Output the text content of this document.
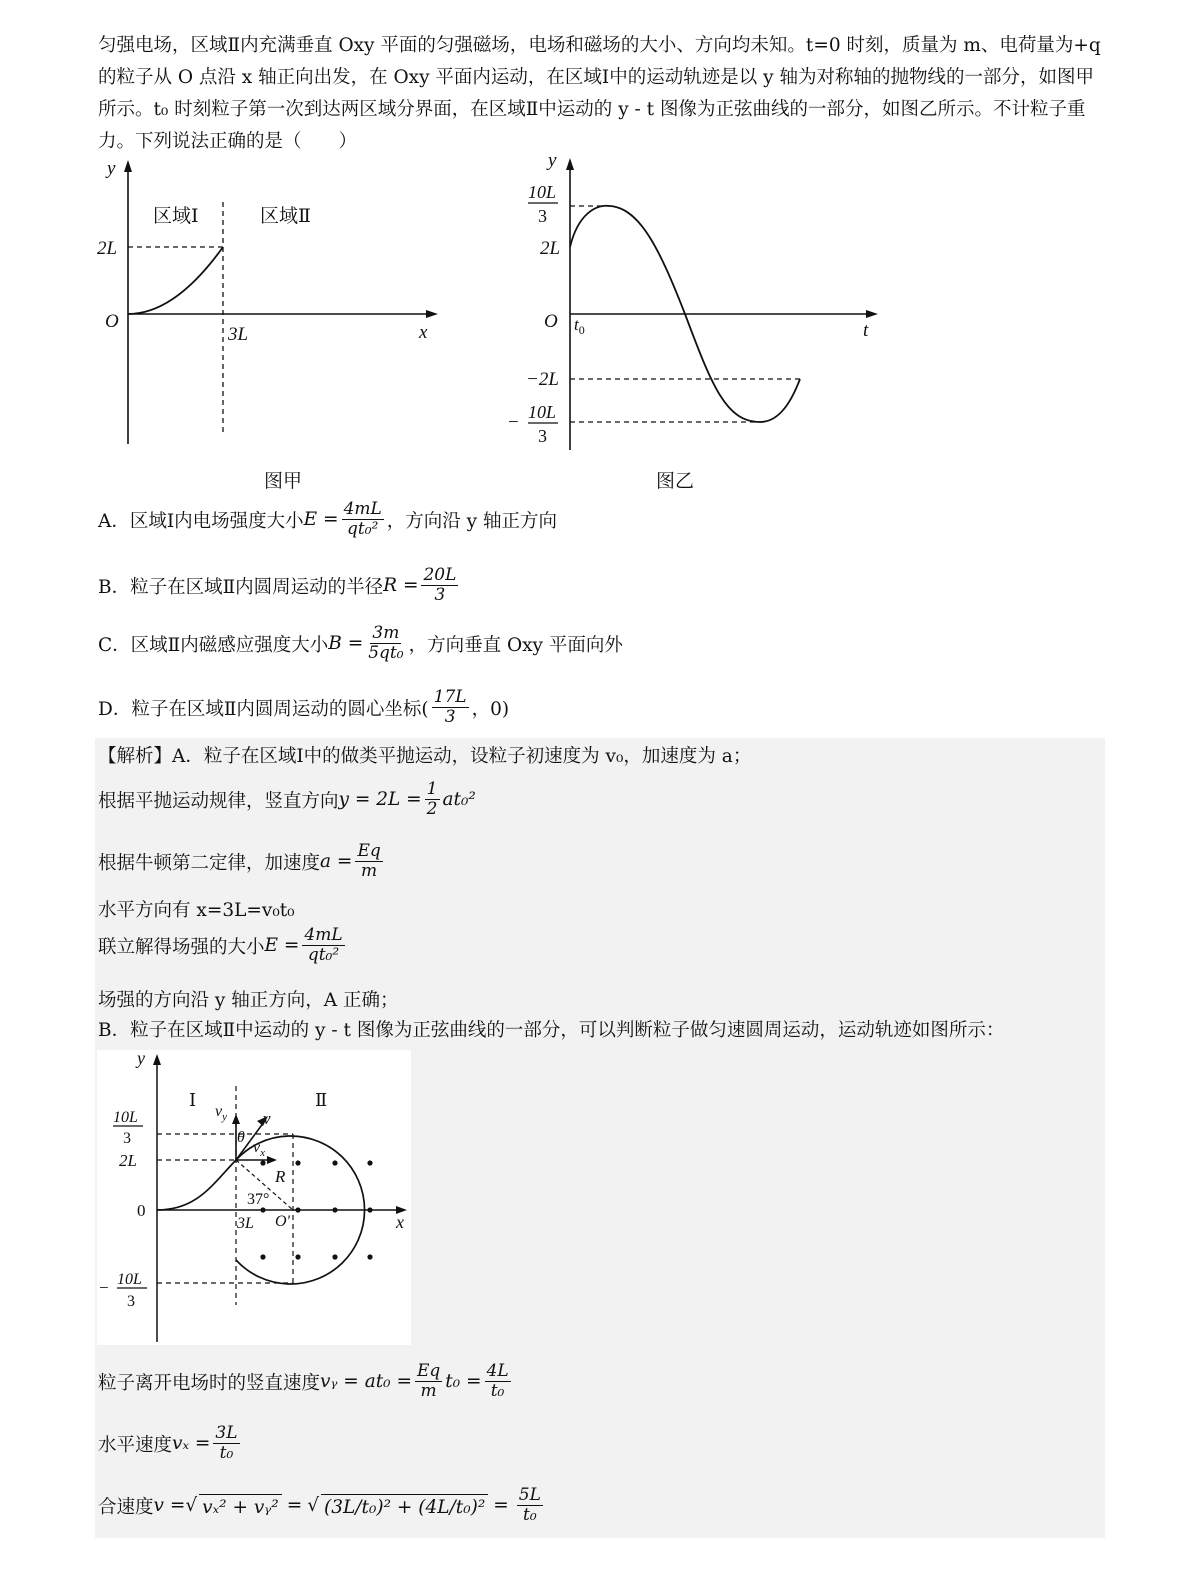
匀强电场，区域Ⅱ内充满垂直 Oxy 平面的匀强磁场，电场和磁场的大小、方向均未知。t=0 时刻，质量为 m、电荷量为+q 的粒子从 O 点沿 x 轴正向出发，在 Oxy 平面内运动，在区域Ⅰ中的运动轨迹是以 y 轴为对称轴的抛物线的一部分，如图甲所示。t₀ 时刻粒子第一次到达两区域分界面，在区域Ⅱ中运动的 y - t 图像为正弦曲线的一部分，如图乙所示。不计粒子重力。下列说法正确的是（　　）
y
区域Ⅰ	区域Ⅱ
2L
O
3L	x
图甲
y
10L
3
2L
O $t_0$	t
−2L
− 10L
3
图乙
A．区域Ⅰ内电场强度大小 $E = \frac{4mL}{\text{qt₀²}}$ ，方向沿 y 轴正方向
B．粒子在区域Ⅱ内圆周运动的半径 $R = \frac{20L}{3}$
C．区域Ⅱ内磁感应强度大小 $B = \frac{3m}{\text{5qt₀}}$ ，方向垂直 Oxy 平面向外
D．粒子在区域Ⅱ内圆周运动的圆心坐标( $\frac{17L}{3}$ ，0)
【解析】A．粒子在区域Ⅰ中的做类平抛运动，设粒子初速度为 v₀，加速度为 a；
根据平抛运动规律，竖直方向 $y = 2L = \frac{1}{2} at_0^2$
根据牛顿第二定律，加速度 $a = \frac{Eq}{m}$
水平方向有 x=3L=v₀t₀
联立解得场强的大小 $E = \frac{4mL}{\text{qt₀²}}$
场强的方向沿 y 轴正方向，A 正确；
B．粒子在区域Ⅱ中运动的 y - t 图像为正弦曲线的一部分，可以判断粒子做匀速圆周运动，运动轨迹如图所示：
y
Ⅰ	Ⅱ
$v_y$ v
$v_x$
θ
R
37°
10L
3
2L
0
3L O'	x
− 10L
3
粒子离开电场时的竖直速度 vᵧ = $at_0 = \frac{Eq}{m} t_0 = \frac{4L}{\text{t₀}}$
水平速度 $v_x = \frac{3L}{\text{t₀}}$
合速度 v = √ vₓ² + vᵧ² = √ $(3L/t_0)^2 + (4L/t_0)^2 = \frac{5L}{\text{t₀}}$
